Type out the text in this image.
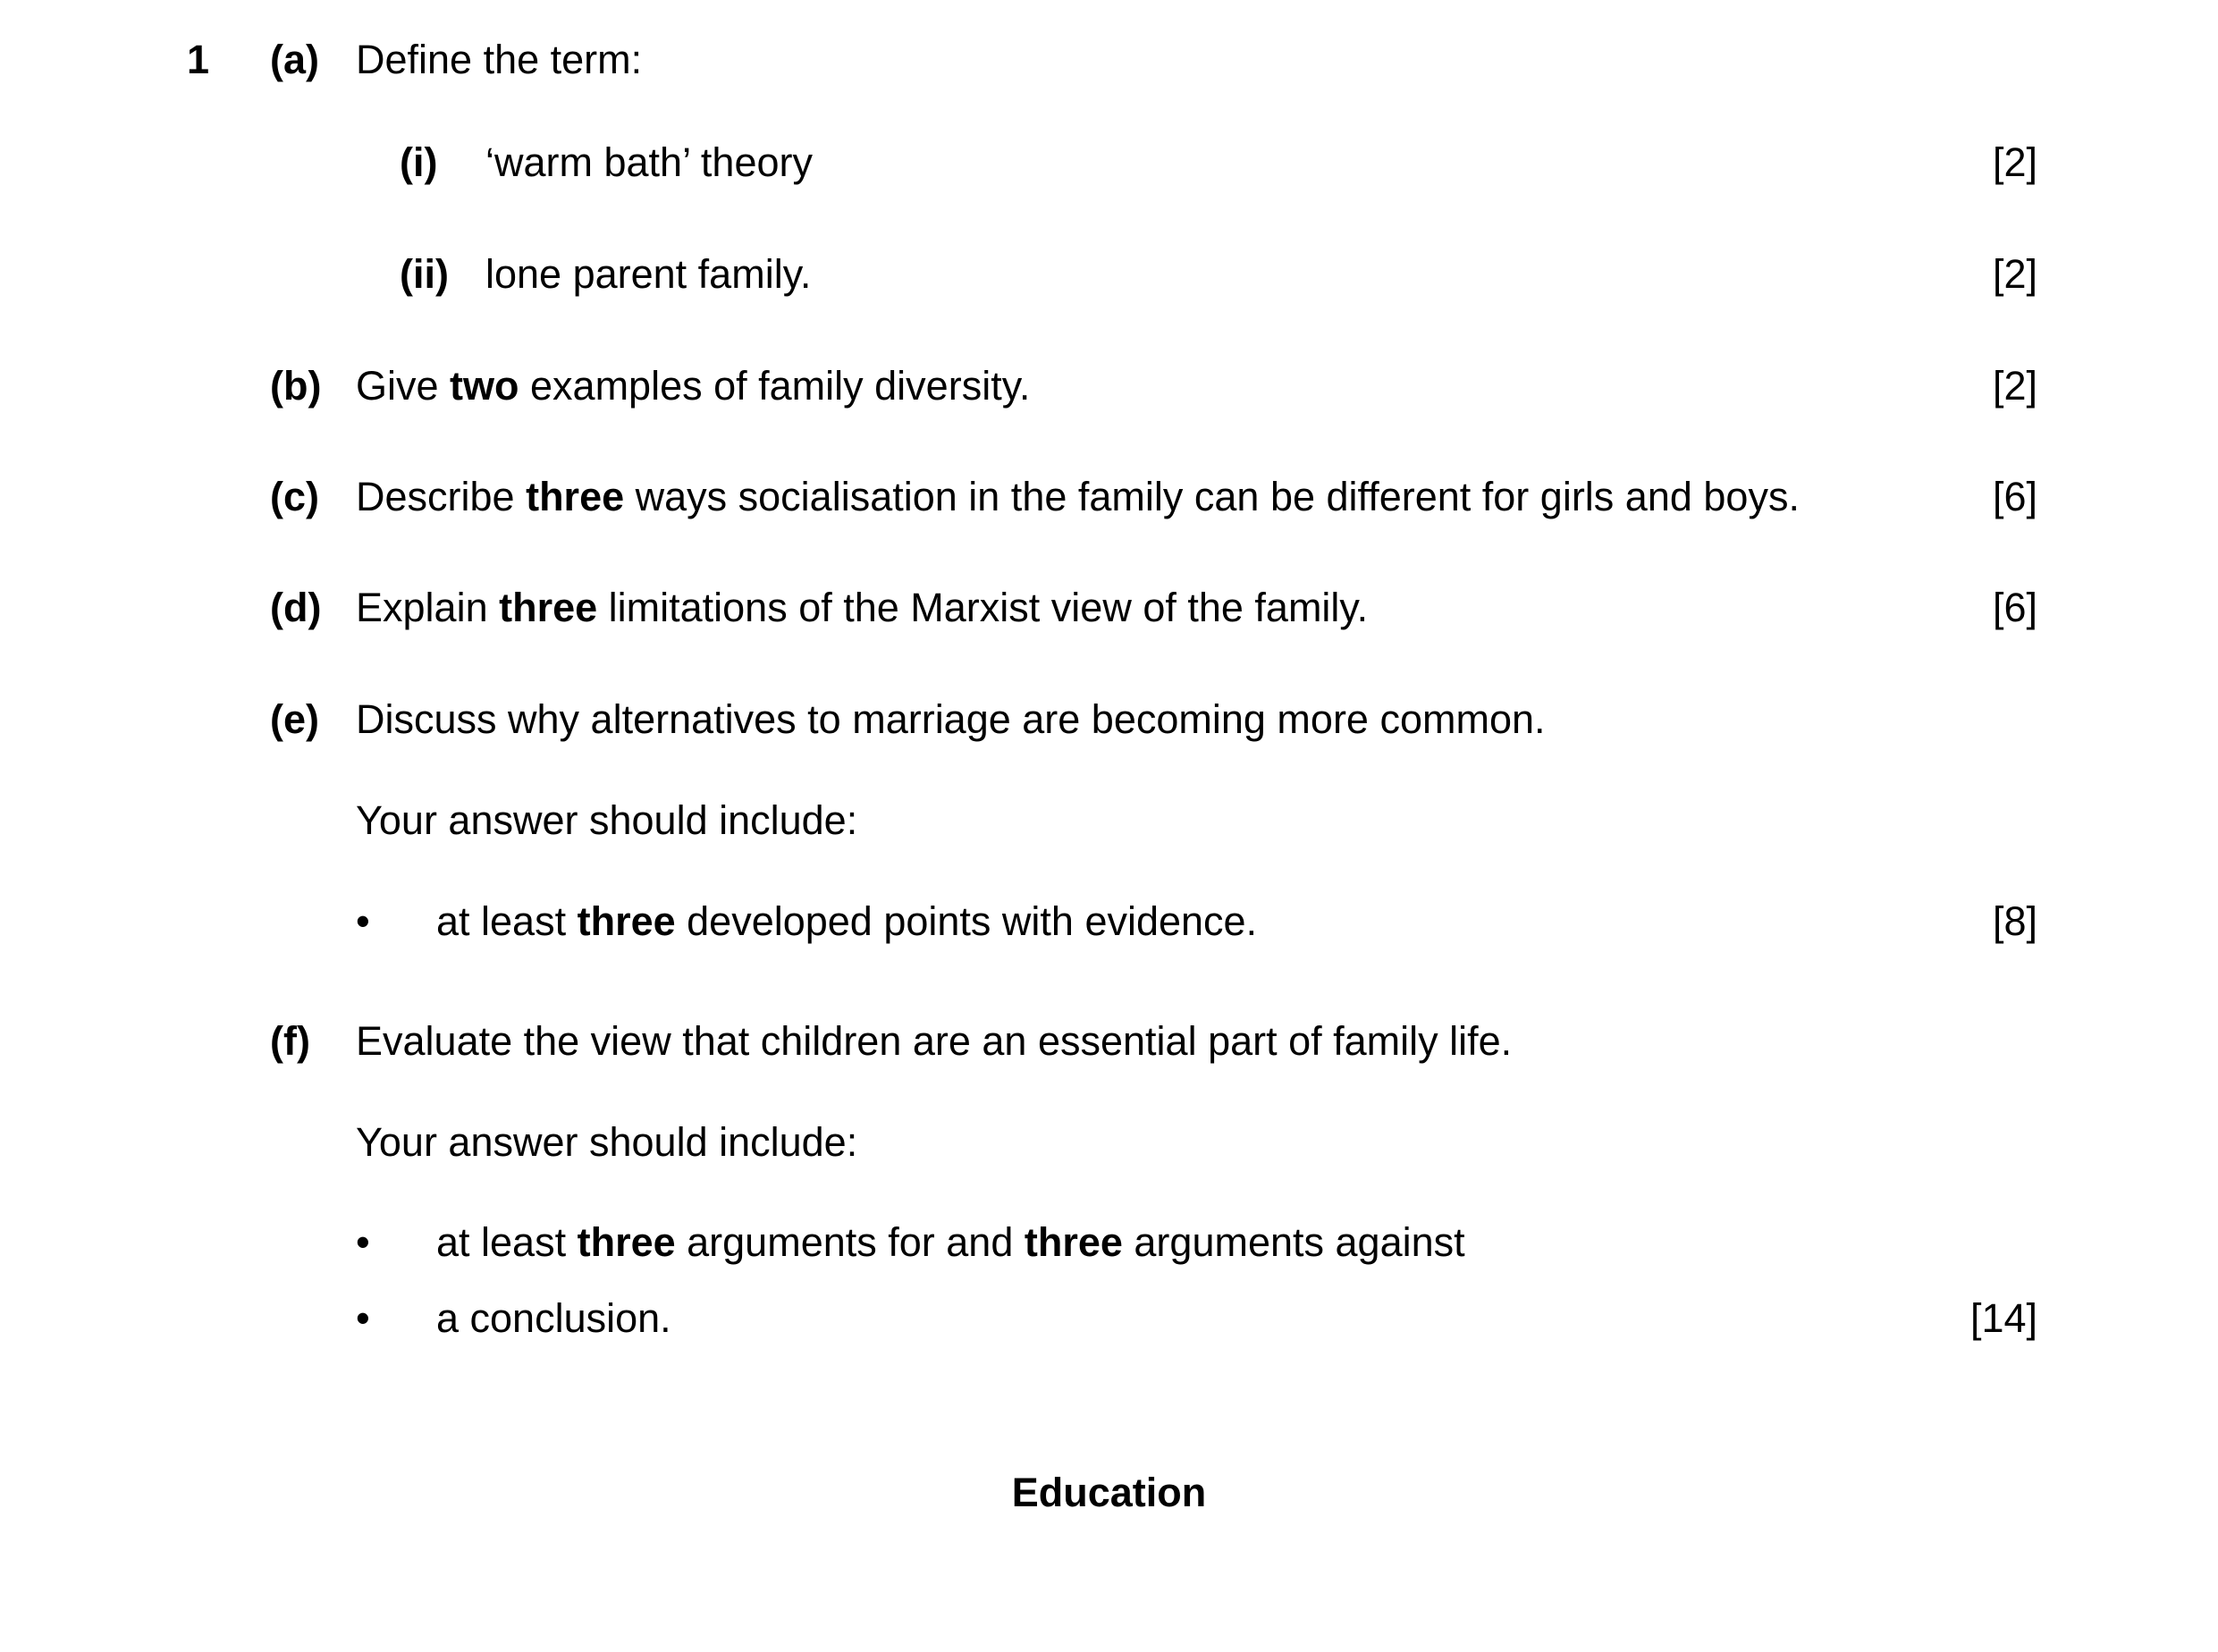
1 (a) Define the term:
(i) ‘warm bath’ theory	[2]
(ii) lone parent family.	[2]
(b) Give two examples of family diversity.	[2]
(c) Describe three ways socialisation in the family can be different for girls and boys.	[6]
(d) Explain three limitations of the Marxist view of the family.	[6]
(e) Discuss why alternatives to marriage are becoming more common.
Your answer should include:
• at least three developed points with evidence.	[8]
(f) Evaluate the view that children are an essential part of family life.
Your answer should include:
• at least three arguments for and three arguments against
• a conclusion.	[14]
Education
